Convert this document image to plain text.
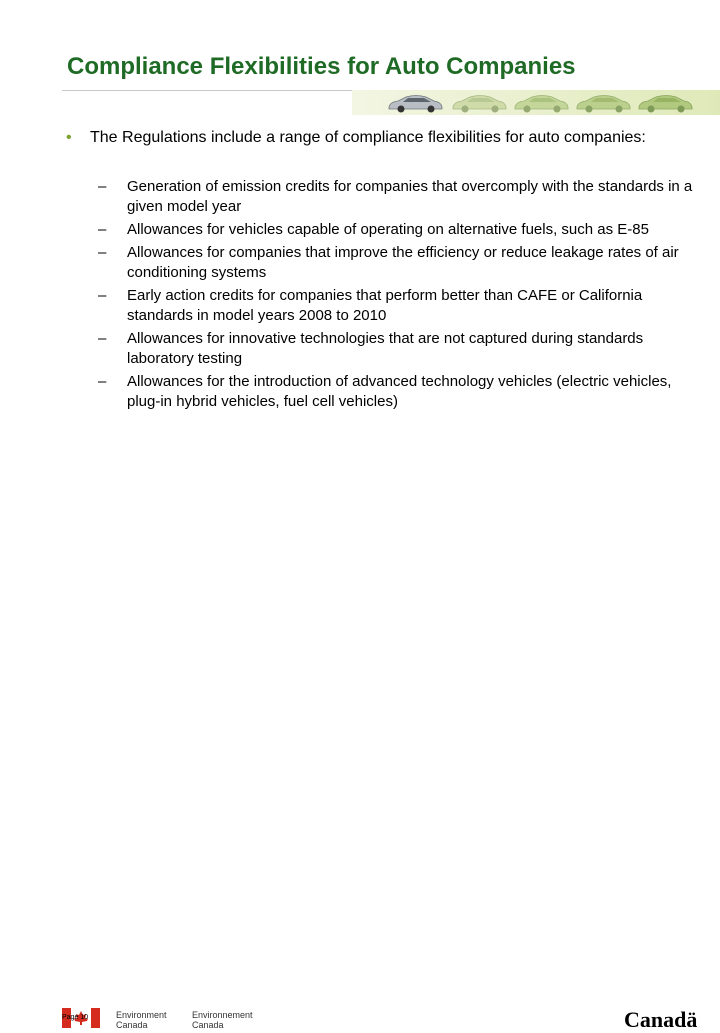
Compliance Flexibilities for Auto Companies
• The Regulations include a range of compliance flexibilities for auto companies:
– Generation of emission credits for companies that overcomply with the standards in a given model year
– Allowances for vehicles capable of operating on alternative fuels, such as E-85
– Allowances for companies that improve the efficiency or reduce leakage rates of air conditioning systems
– Early action credits for companies that perform better than CAFE or California standards in model years 2008 to 2010
– Allowances for innovative technologies that are not captured during standards laboratory testing
– Allowances for the introduction of advanced technology vehicles (electric vehicles, plug-in hybrid vehicles, fuel cell vehicles)
Page 10	Environment
Canada
Environnement
Canada	Canadä
